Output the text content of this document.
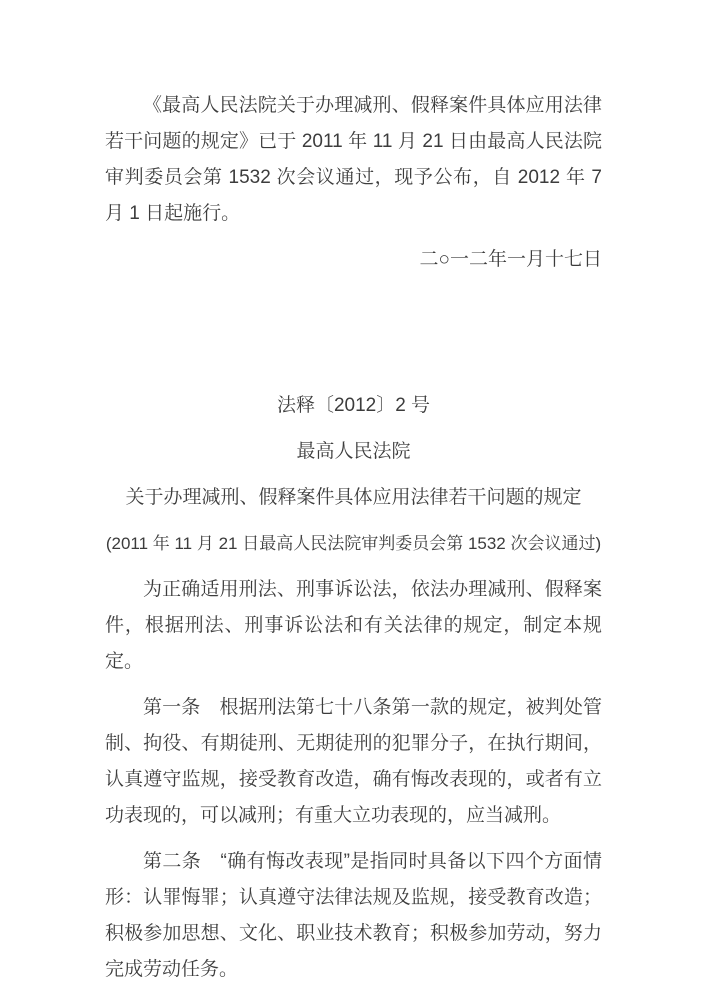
《最高人民法院关于办理减刑、假释案件具体应用法律若干问题的规定》已于 2011 年 11 月 21 日由最高人民法院审判委员会第 1532 次会议通过，现予公布，自 2012 年 7 月 1 日起施行。

二○一二年一月十七日

法释〔2012〕2 号

最高人民法院

关于办理减刑、假释案件具体应用法律若干问题的规定

(2011 年 11 月 21 日最高人民法院审判委员会第 1532 次会议通过)

为正确适用刑法、刑事诉讼法，依法办理减刑、假释案件，根据刑法、刑事诉讼法和有关法律的规定，制定本规定。

第一条　根据刑法第七十八条第一款的规定，被判处管制、拘役、有期徒刑、无期徒刑的犯罪分子，在执行期间，认真遵守监规，接受教育改造，确有悔改表现的，或者有立功表现的，可以减刑；有重大立功表现的，应当减刑。

第二条　“确有悔改表现”是指同时具备以下四个方面情形：认罪悔罪；认真遵守法律法规及监规，接受教育改造；积极参加思想、文化、职业技术教育；积极参加劳动，努力完成劳动任务。
